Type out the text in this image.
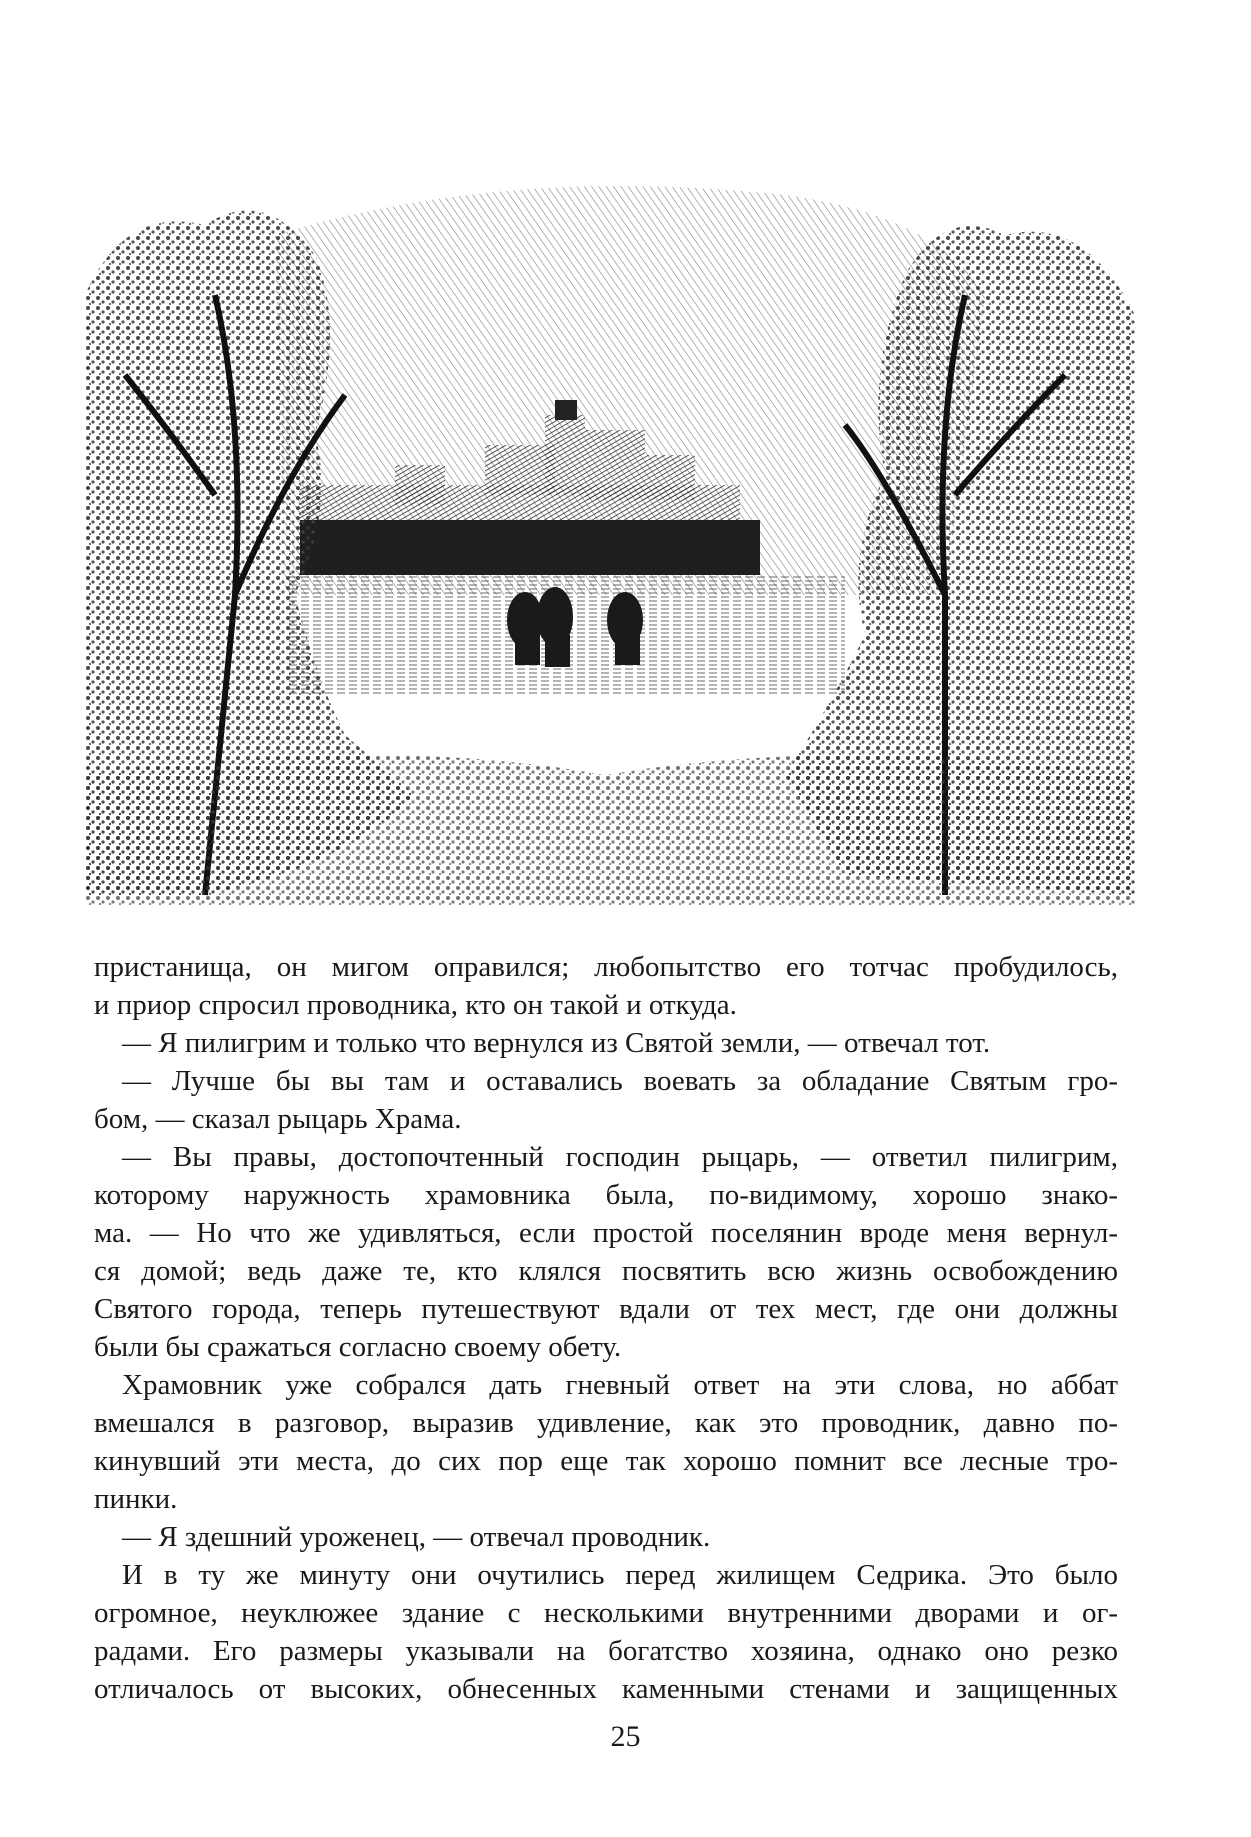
пристанища, он мигом оправился; любопытство его тотчас пробудилось,
и приор спросил проводника, кто он такой и откуда.
— Я пилигрим и только что вернулся из Святой земли, — отвечал тот.
— Лучше бы вы там и оставались воевать за обладание Святым гро-
бом, — сказал рыцарь Храма.
— Вы правы, достопочтенный господин рыцарь, — ответил пилигрим,
которому наружность храмовника была, по-видимому, хорошо знако-
ма. — Но что же удивляться, если простой поселянин вроде меня вернул-
ся домой; ведь даже те, кто клялся посвятить всю жизнь освобождению
Святого города, теперь путешествуют вдали от тех мест, где они должны
были бы сражаться согласно своему обету.
Храмовник уже собрался дать гневный ответ на эти слова, но аббат
вмешался в разговор, выразив удивление, как это проводник, давно по-
кинувший эти места, до сих пор еще так хорошо помнит все лесные тро-
пинки.
— Я здешний уроженец, — отвечал проводник.
И в ту же минуту они очутились перед жилищем Седрика. Это было
огромное, неуклюжее здание с несколькими внутренними дворами и ог-
радами. Его размеры указывали на богатство хозяина, однако оно резко
отличалось от высоких, обнесенных каменными стенами и защищенных
25
